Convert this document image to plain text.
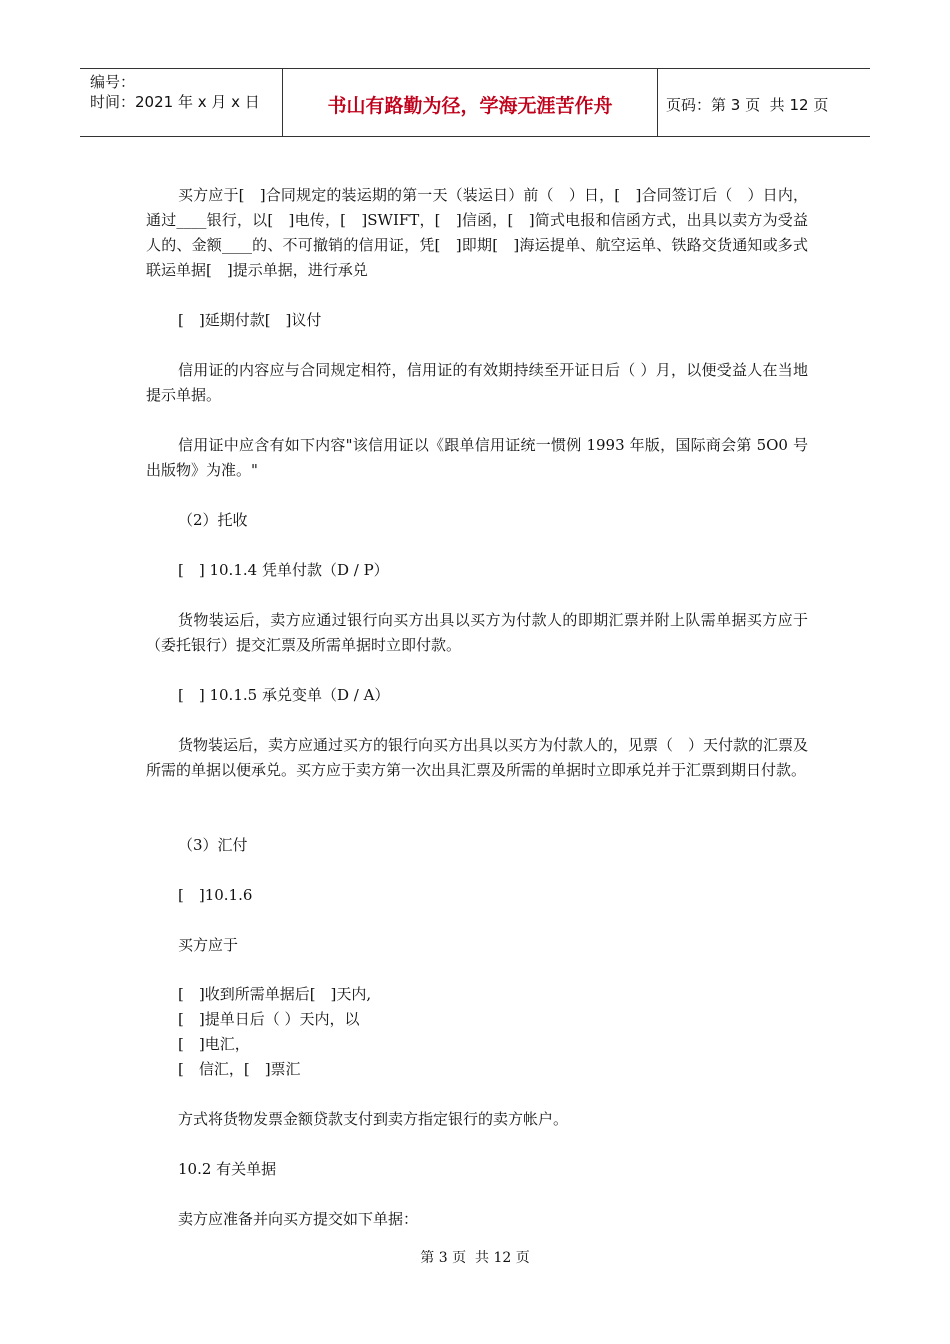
编号：
时间：2021 年 x 月 x 日	书山有路勤为径，学海无涯苦作舟	页码：第 3 页  共 12 页
买方应于[　]合同规定的装运期的第一天（装运日）前（　）日，[　]合同签订后（　）日内，通过____银行，以[　]电传，[　]SWIFT，[　]信函，[　]简式电报和信函方式，出具以卖方为受益人的、金额____的、不可撤销的信用证，凭[　]即期[　]海运提单、航空运单、铁路交货通知或多式联运单据[　]提示单据，进行承兑
[　]延期付款[　]议付
信用证的内容应与合同规定相符，信用证的有效期持续至开证日后（ ）月，以便受益人在当地提示单据。
信用证中应含有如下内容"该信用证以《跟单信用证统一惯例 1993 年版，国际商会第 5O0 号出版物》为准。"
（2）托收
[　] 10.1.4 凭单付款（D / P）
货物装运后，卖方应通过银行向买方出具以买方为付款人的即期汇票并附上队需单据买方应于（委托银行）提交汇票及所需单据时立即付款。
[　] 10.1.5 承兑变单（D / A）
货物装运后，卖方应通过买方的银行向买方出具以买方为付款人的，见票（　）天付款的汇票及所需的单据以便承兑。买方应于卖方第一次出具汇票及所需的单据时立即承兑并于汇票到期日付款。
（3）汇付
[　]10.1.6
买方应于
[　]收到所需单据后[　]天内,
[　]提单日后（ ）天内，以
[　]电汇，
[　信汇，[　]票汇
方式将货物发票金额贷款支付到卖方指定银行的卖方帐户。
10.2 有关单据
卖方应准备并向买方提交如下单据：
第 3 页  共 12 页
